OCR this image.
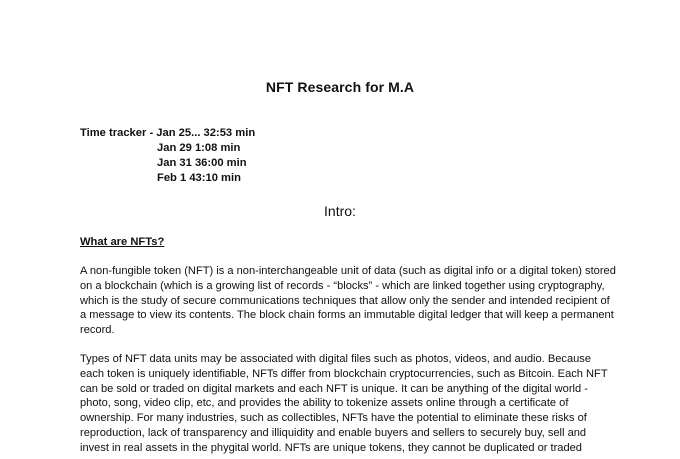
NFT Research for M.A
Time tracker - Jan 25... 32:53 min
Jan 29 1:08 min
Jan 31 36:00 min
Feb 1 43:10 min
Intro:
What are NFTs?

A non-fungible token (NFT) is a non-interchangeable unit of data (such as digital info or a digital token) stored on a blockchain (which is a growing list of records - “blocks” - which are linked together using cryptography, which is the study of secure communications techniques that allow only the sender and intended recipient of a message to view its contents. The block chain forms an immutable digital ledger that will keep a permanent record.

Types of NFT data units may be associated with digital files such as photos, videos, and audio. Because each token is uniquely identifiable, NFTs differ from blockchain cryptocurrencies, such as Bitcoin. Each NFT can be sold or traded on digital markets and each NFT is unique. It can be anything of the digital world - photo, song, video clip, etc, and provides the ability to tokenize assets online through a certificate of ownership. For many industries, such as collectibles, NFTs have the potential to eliminate these risks of reproduction, lack of transparency and illiquidity and enable buyers and sellers to securely buy, sell and invest in real assets in the phygital world. NFTs are unique tokens, they cannot be duplicated or traded
